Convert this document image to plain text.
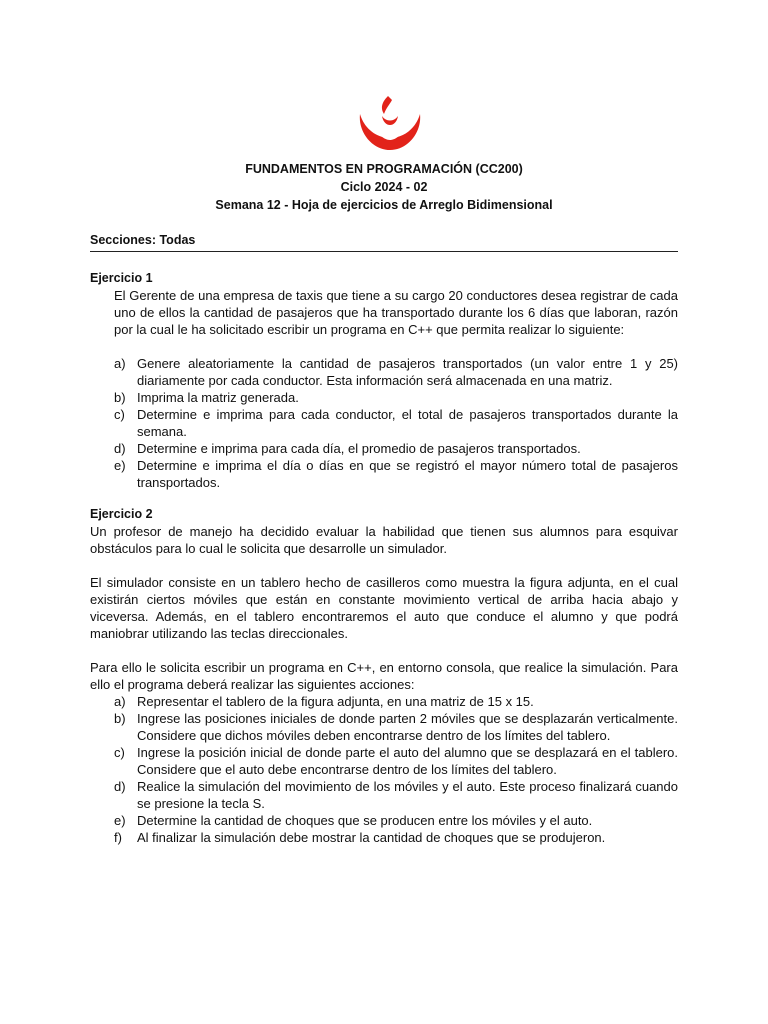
FUNDAMENTOS EN PROGRAMACIÓN (CC200)
Ciclo 2024 - 02
Semana 12 - Hoja de ejercicios de Arreglo Bidimensional
Secciones: Todas
Ejercicio 1

El Gerente de una empresa de taxis que tiene a su cargo 20 conductores desea registrar de cada uno de ellos la cantidad de pasajeros que ha transportado durante los 6 días que laboran, razón por la cual le ha solicitado escribir un programa en C++ que permita realizar lo siguiente:

a) Genere aleatoriamente la cantidad de pasajeros transportados (un valor entre 1 y 25) diariamente por cada conductor. Esta información será almacenada en una matriz.
b) Imprima la matriz generada.
c) Determine e imprima para cada conductor, el total de pasajeros transportados durante la semana.
d) Determine e imprima para cada día, el promedio de pasajeros transportados.
e) Determine e imprima el día o días en que se registró el mayor número total de pasajeros transportados.
Ejercicio 2

Un profesor de manejo ha decidido evaluar la habilidad que tienen sus alumnos para esquivar obstáculos para lo cual le solicita que desarrolle un simulador.

El simulador consiste en un tablero hecho de casilleros como muestra la figura adjunta, en el cual existirán ciertos móviles que están en constante movimiento vertical de arriba hacia abajo y viceversa. Además, en el tablero encontraremos el auto que conduce el alumno y que podrá maniobrar utilizando las teclas direccionales.

Para ello le solicita escribir un programa en C++, en entorno consola, que realice la simulación. Para ello el programa deberá realizar las siguientes acciones:

a) Representar el tablero de la figura adjunta, en una matriz de 15 x 15.
b) Ingrese las posiciones iniciales de donde parten 2 móviles que se desplazarán verticalmente. Considere que dichos móviles deben encontrarse dentro de los límites del tablero.
c) Ingrese la posición inicial de donde parte el auto del alumno que se desplazará en el tablero. Considere que el auto debe encontrarse dentro de los límites del tablero.
d) Realice la simulación del movimiento de los móviles y el auto. Este proceso finalizará cuando se presione la tecla S.
e) Determine la cantidad de choques que se producen entre los móviles y el auto.
f) Al finalizar la simulación debe mostrar la cantidad de choques que se produjeron.
